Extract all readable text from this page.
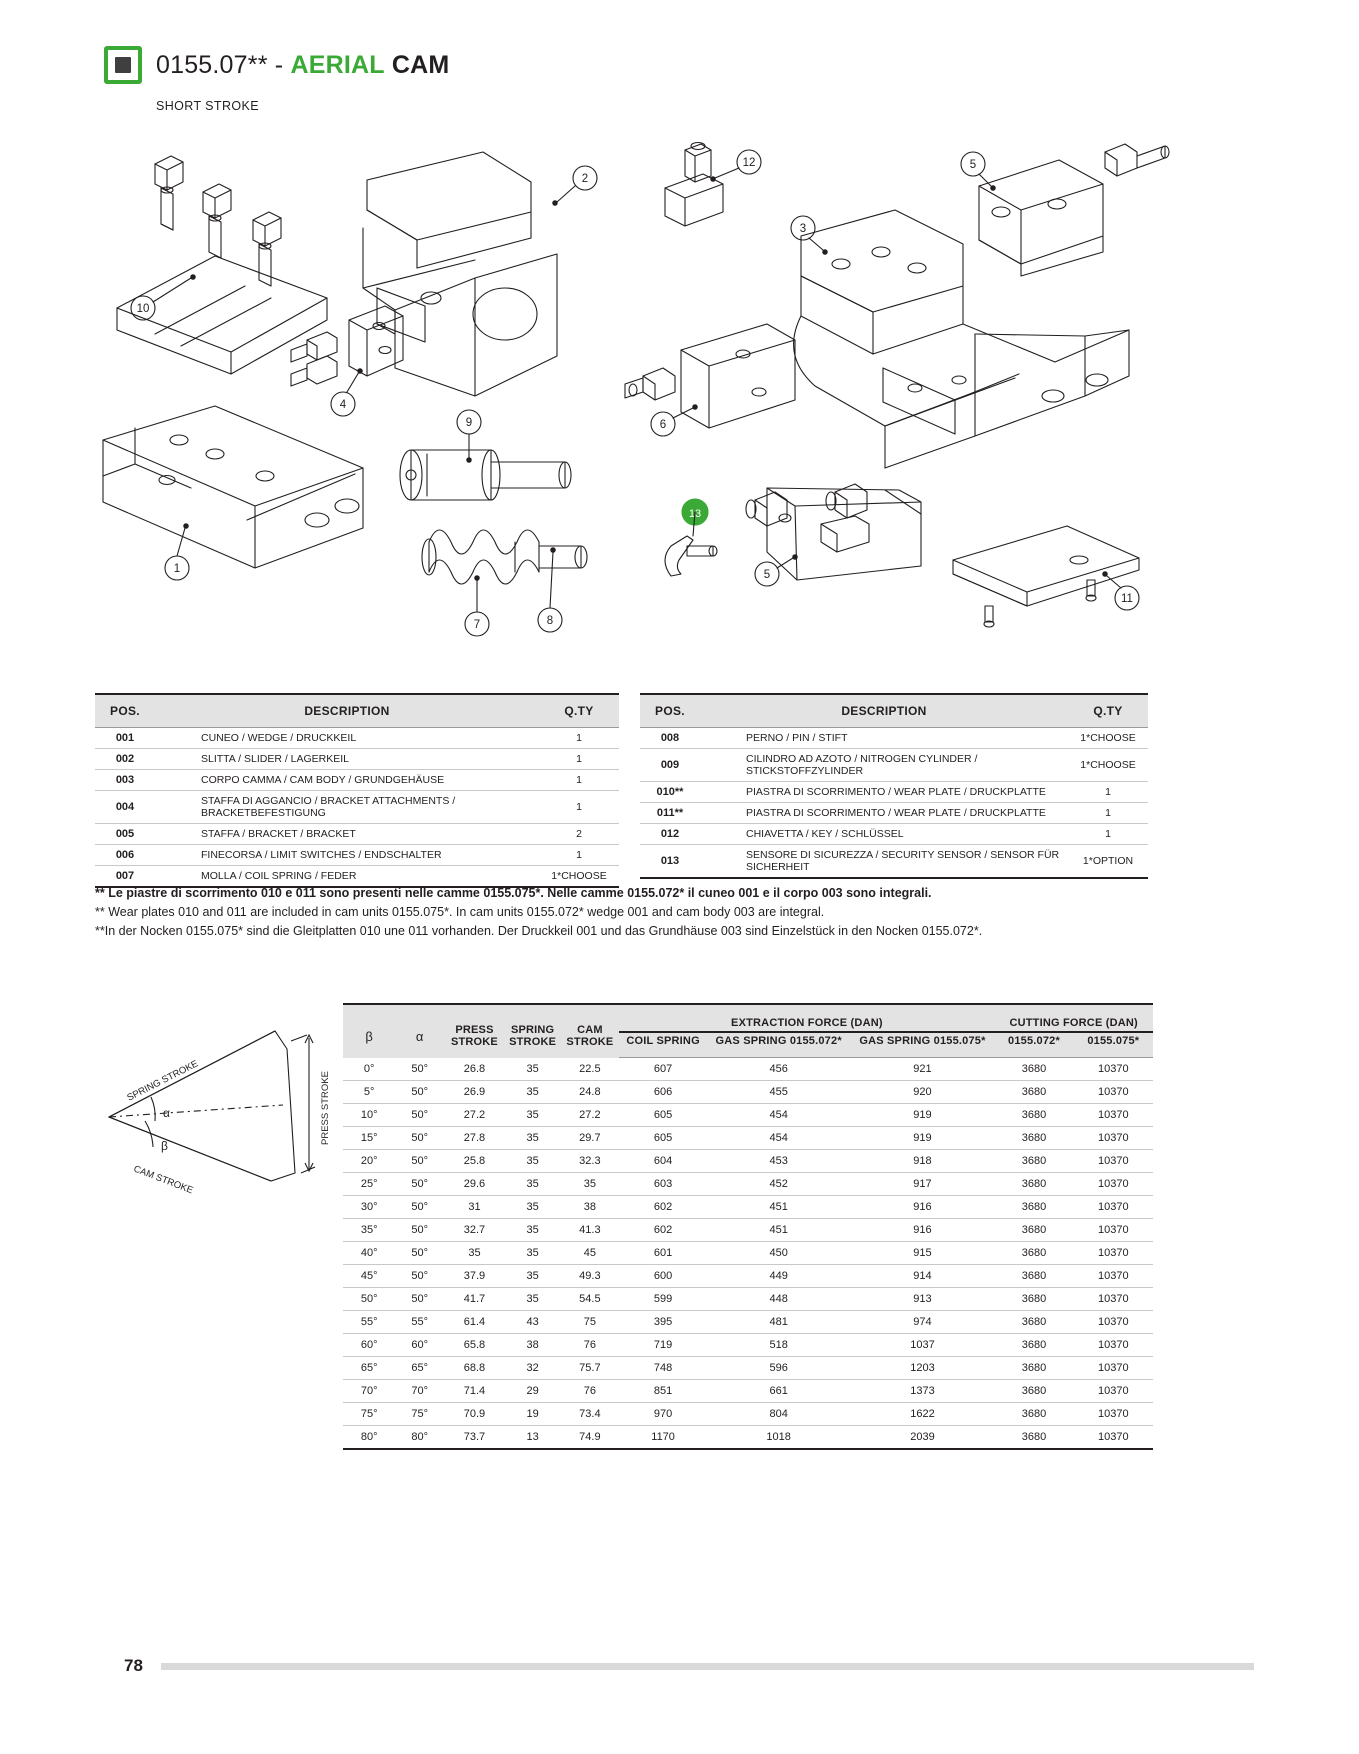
0155.07** - AERIAL CAM
SHORT STROKE
13
10
1
2
4
9
7	8
12
3
6
5
5
11
POS.	DESCRIPTION	Q.TY
001	CUNEO / WEDGE / DRUCKKEIL	1
002	SLITTA / SLIDER / LAGERKEIL	1
003	CORPO CAMMA / CAM BODY / GRUNDGEHÄUSE	1
004	STAFFA DI AGGANCIO / BRACKET ATTACHMENTS / BRACKETBEFESTIGUNG	1
005	STAFFA / BRACKET / BRACKET	2
006	FINECORSA / LIMIT SWITCHES / ENDSCHALTER	1
007	MOLLA / COIL SPRING / FEDER	1*CHOOSE
POS.	DESCRIPTION	Q.TY
008	PERNO / PIN / STIFT	1*CHOOSE
009	CILINDRO AD AZOTO / NITROGEN CYLINDER / STICKSTOFFZYLINDER	1*CHOOSE
010**	PIASTRA DI SCORRIMENTO / WEAR PLATE / DRUCKPLATTE	1
011**	PIASTRA DI SCORRIMENTO / WEAR PLATE / DRUCKPLATTE	1
012	CHIAVETTA / KEY / SCHLÜSSEL	1
013	SENSORE DI SICUREZZA / SECURITY SENSOR / SENSOR FÜR SICHERHEIT	1*OPTION
** Le piastre di scorrimento 010 e 011 sono presenti nelle camme 0155.075*. Nelle camme 0155.072* il cuneo 001 e il corpo 003 sono integrali.
** Wear plates 010 and 011 are included in cam units 0155.075*. In cam units 0155.072* wedge 001 and cam body 003 are integral.
**In der Nocken 0155.075* sind die Gleitplatten 010 une 011 vorhanden. Der Druckkeil 001 und das Grundhäuse 003 sind Einzelstück in den Nocken 0155.072*.
SPRING STROKE
CAM STROKE
PRESS STROKE
α
β
β	α	PRESS STROKE	SPRING STROKE	CAM STROKE	EXTRACTION FORCE (DAN)			CUTTING FORCE (DAN)	
					COIL SPRING	GAS SPRING 0155.072*	GAS SPRING 0155.075*	0155.072*	0155.075*
0°	50°	26.8	35	22.5	607	456	921	3680	10370
5°	50°	26.9	35	24.8	606	455	920	3680	10370
10°	50°	27.2	35	27.2	605	454	919	3680	10370
15°	50°	27.8	35	29.7	605	454	919	3680	10370
20°	50°	25.8	35	32.3	604	453	918	3680	10370
25°	50°	29.6	35	35	603	452	917	3680	10370
30°	50°	31	35	38	602	451	916	3680	10370
35°	50°	32.7	35	41.3	602	451	916	3680	10370
40°	50°	35	35	45	601	450	915	3680	10370
45°	50°	37.9	35	49.3	600	449	914	3680	10370
50°	50°	41.7	35	54.5	599	448	913	3680	10370
55°	55°	61.4	43	75	395	481	974	3680	10370
60°	60°	65.8	38	76	719	518	1037	3680	10370
65°	65°	68.8	32	75.7	748	596	1203	3680	10370
70°	70°	71.4	29	76	851	661	1373	3680	10370
75°	75°	70.9	19	73.4	970	804	1622	3680	10370
80°	80°	73.7	13	74.9	1170	1018	2039	3680	10370
78
